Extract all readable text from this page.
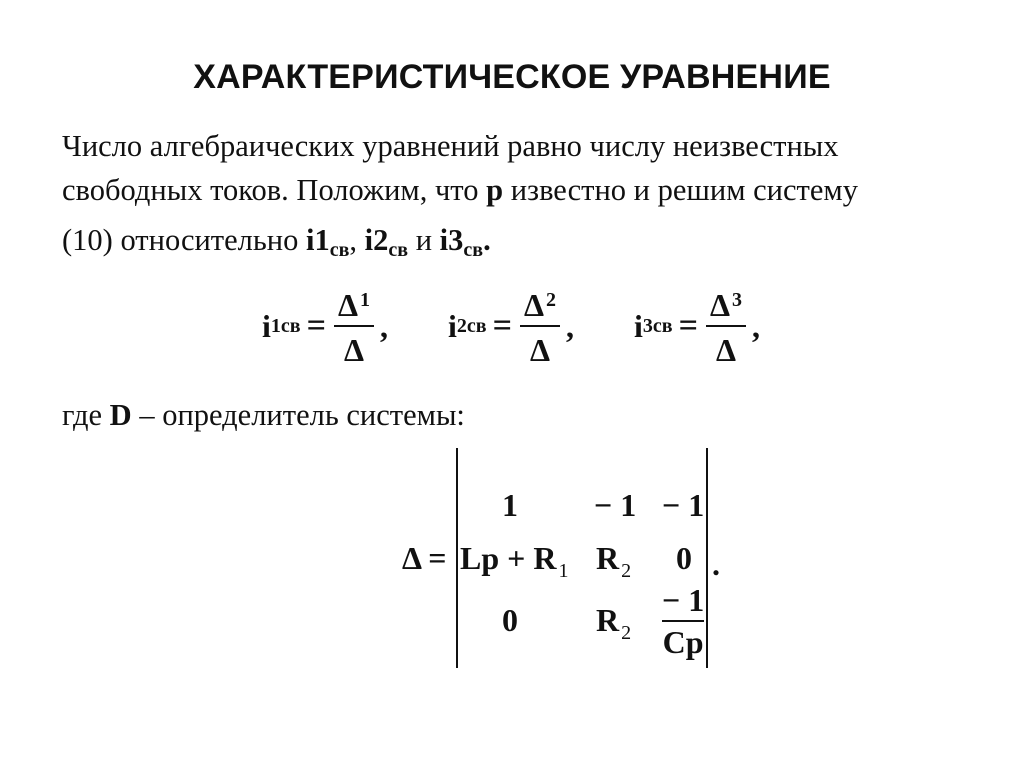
ХАРАКТЕРИСТИЧЕСКОЕ УРАВНЕНИЕ
Число алгебраических уравнений равно числу неизвестных
свободных токов. Положим, что p известно и решим систему
(10) относительно $i1_{св}$, $i2_{св}$ и $i3_{св}$.
i $1св = \frac{\Delta ^1}{\Delta}$ , i $2св = \frac{\Delta ^2}{\Delta}$ , i $3св = \frac{\Delta ^3}{\Delta}$ ,
где D – определитель системы:
Δ =
1 − 1 − 1
Lp + R $_1$ R $_2$ 0
0 R $_2$
− 1
Cp
.
